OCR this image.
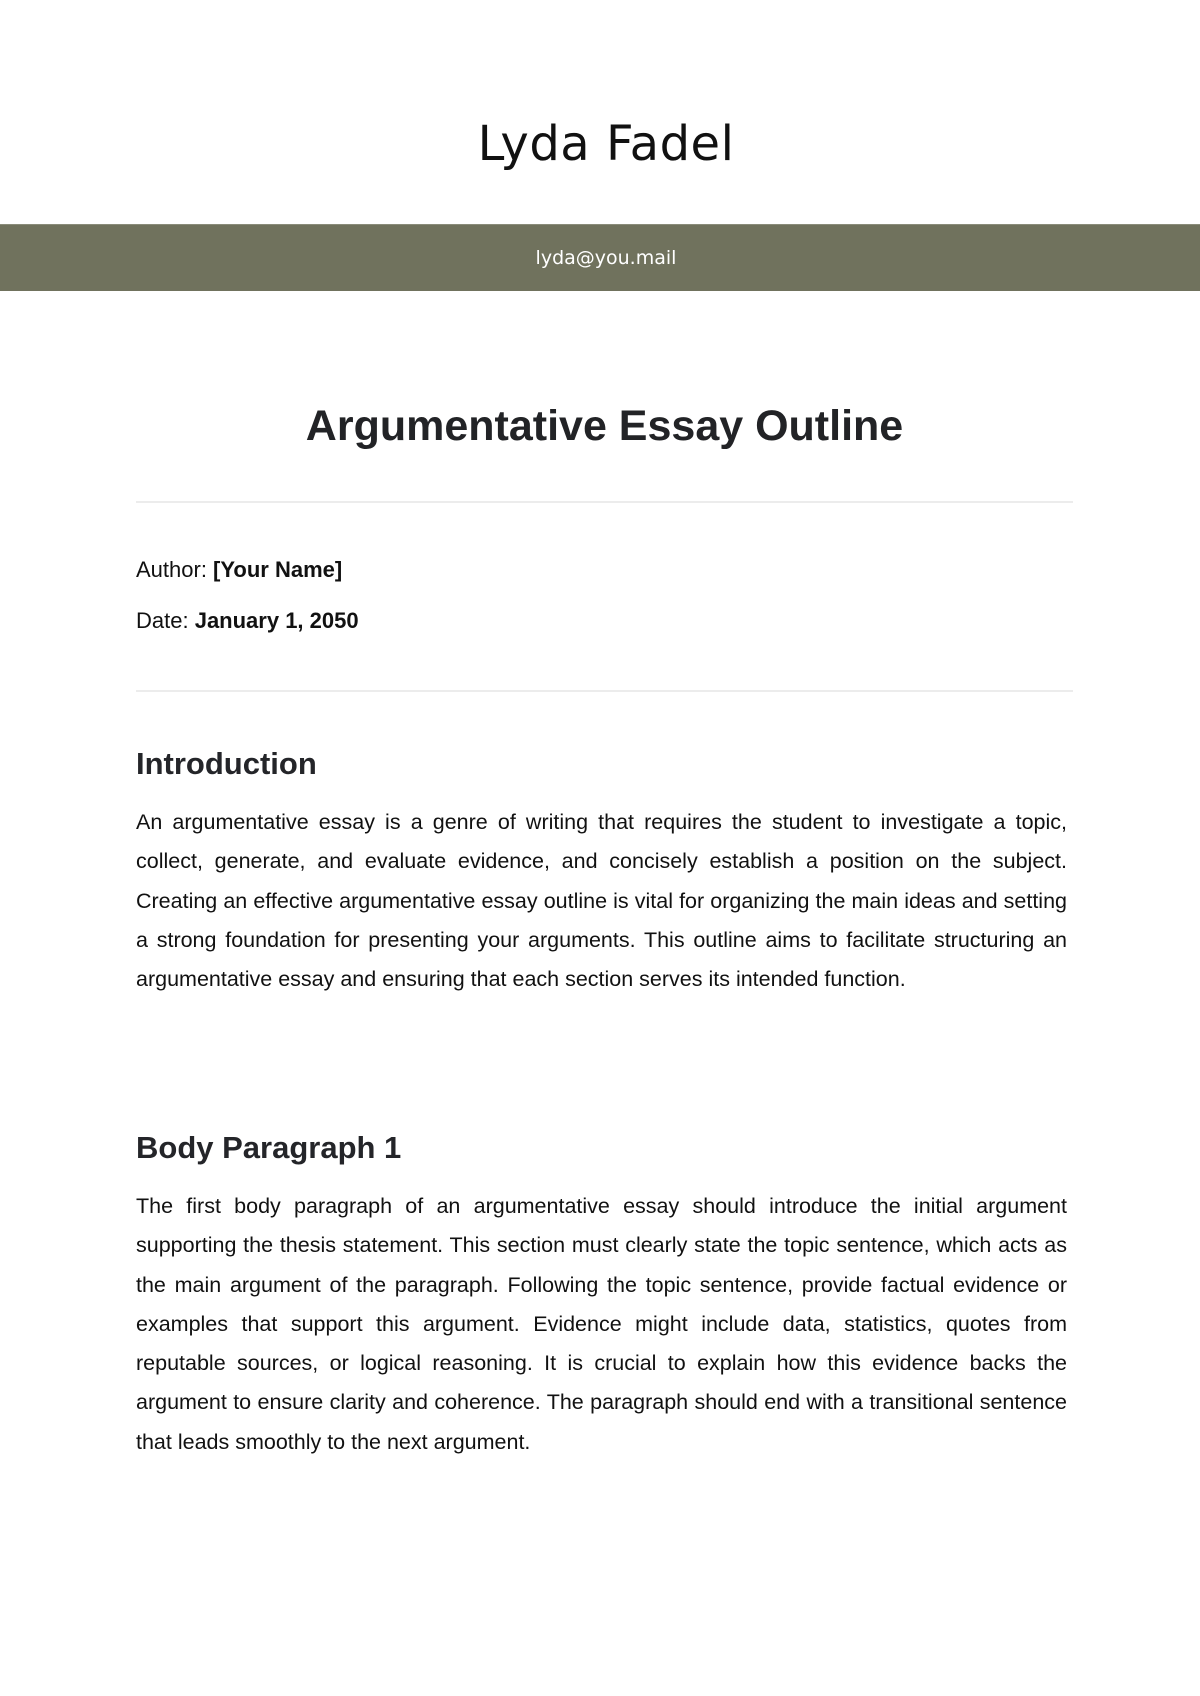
Lyda Fadel
lyda@you.mail
Argumentative Essay Outline
Author: [Your Name]
Date: January 1, 2050
Introduction

An argumentative essay is a genre of writing that requires the student to investigate a topic, collect, generate, and evaluate evidence, and concisely establish a position on the subject. Creating an effective argumentative essay outline is vital for organizing the main ideas and setting a strong foundation for presenting your arguments. This outline aims to facilitate structuring an argumentative essay and ensuring that each section serves its intended function.

Body Paragraph 1

The first body paragraph of an argumentative essay should introduce the initial argument supporting the thesis statement. This section must clearly state the topic sentence, which acts as the main argument of the paragraph. Following the topic sentence, provide factual evidence or examples that support this argument. Evidence might include data, statistics, quotes from reputable sources, or logical reasoning. It is crucial to explain how this evidence backs the argument to ensure clarity and coherence. The paragraph should end with a transitional sentence that leads smoothly to the next argument.
